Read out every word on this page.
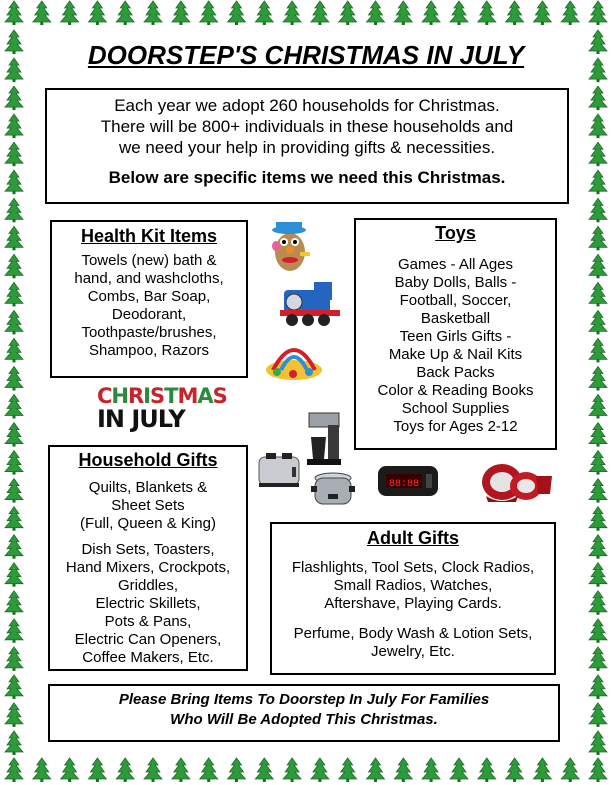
DOORSTEP'S CHRISTMAS IN JULY

Each year we adopt 260 households for Christmas.

There will be 800+ individuals in these households and

we need your help in providing gifts & necessities.

Below are specific items we need this Christmas.

Health Kit Items

Towels (new) bath &

hand, and washcloths,

Combs, Bar Soap,

Deodorant,

Toothpaste/brushes,

Shampoo, Razors

Toys

Games - All Ages

Baby Dolls, Balls -

Football, Soccer,

Basketball

Teen Girls Gifts -

Make Up & Nail Kits

Back Packs

Color & Reading Books

School Supplies

Toys for Ages 2-12

Household Gifts

Quilts, Blankets &

Sheet Sets

(Full, Queen & King)

Dish Sets, Toasters,

Hand Mixers, Crockpots,

Griddles,

Electric Skillets,

Pots & Pans,

Electric Can Openers,

Coffee Makers, Etc.

Adult Gifts

Flashlights, Tool Sets, Clock Radios,

Small Radios, Watches,

Aftershave, Playing Cards.

Perfume, Body Wash & Lotion Sets,

Jewelry, Etc.

Please Bring Items To Doorstep In July For Families

Who Will Be Adopted This Christmas.

CHRISTMAS
IN JULY
88:88
